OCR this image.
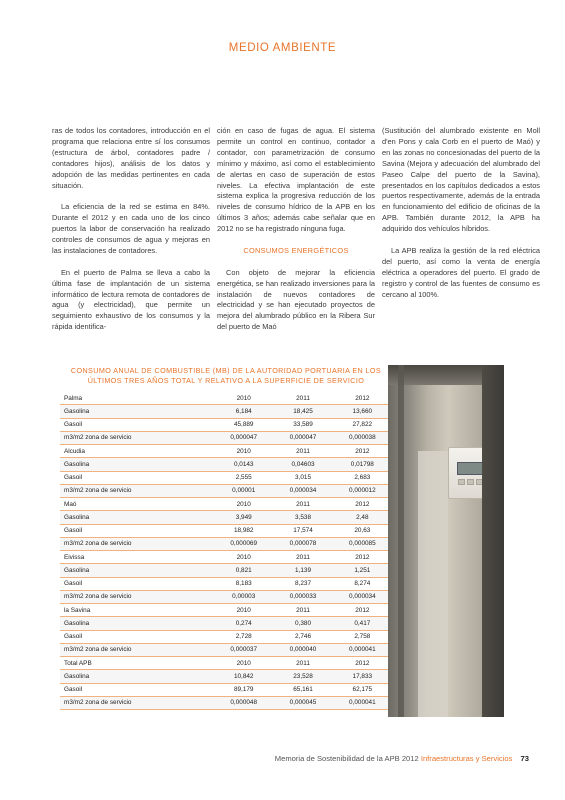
MEDIO AMBIENTE

ras de todos los contadores, introducción en el programa que relaciona entre sí los consumos (estructura de árbol, contadores padre / contadores hijos), análisis de los datos y adopción de las medidas pertinentes en cada situación.

La eficiencia de la red se estima en 84%. Durante el 2012 y en cada uno de los cinco puertos la labor de conservación ha realizado controles de consumos de agua y mejoras en las instalaciones de contadores.

En el puerto de Palma se lleva a cabo la última fase de implantación de un sistema informático de lectura remota de contadores de agua (y electricidad), que permite un seguimiento exhaustivo de los consumos y la rápida identifica-

ción en caso de fugas de agua. El sistema permite un control en continuo, contador a contador, con parametrización de consumo mínimo y máximo, así como el establecimiento de alertas en caso de superación de estos niveles. La efectiva implantación de este sistema explica la progresiva reducción de los niveles de consumo hídrico de la APB en los últimos 3 años; además cabe señalar que en 2012 no se ha registrado ninguna fuga.

CONSUMOS ENERGÉTICOS

Con objeto de mejorar la eficiencia energética, se han realizado inversiones para la instalación de nuevos contadores de electricidad y se han ejecutado proyectos de mejora del alumbrado público en la Ribera Sur del puerto de Maó

(Sustitución del alumbrado existente en Moll d'en Pons y cala Corb en el puerto de Maó) y en las zonas no concesionadas del puerto de la Savina (Mejora y adecuación del alumbrado del Paseo Calpe del puerto de la Savina), presentados en los capítulos dedicados a estos puertos respectivamente, además de la entrada en funcionamiento del edificio de oficinas de la APB. También durante 2012, la APB ha adquirido dos vehículos híbridos.

La APB realiza la gestión de la red eléctrica del puerto, así como la venta de energía eléctrica a operadores del puerto. El grado de registro y control de las fuentes de consumo es cercano al 100%.

CONSUMO ANUAL DE COMBUSTIBLE (MB) DE LA AUTORIDAD PORTUARIA EN LOS ÚLTIMOS TRES AÑOS TOTAL Y RELATIVO A LA SUPERFICIE DE SERVICIO
Palma	2010	2011	2012
Gasolina	6,184	18,425	13,660
Gasoil	45,889	33,589	27,822
m3/m2 zona de servicio	0,000047	0,000047	0,000038
Alcudia	2010	2011	2012
Gasolina	0,0143	0,04603	0,01798
Gasoil	2,555	3,015	2,683
m3/m2 zona de servicio	0,00001	0,000034	0,000012
Maó	2010	2011	2012
Gasolina	3,949	3,538	2,48
Gasoil	18,982	17,574	20,63
m3/m2 zona de servicio	0,000069	0,000078	0,000085
Eivissa	2010	2011	2012
Gasolina	0,821	1,139	1,251
Gasoil	8,183	8,237	8,274
m3/m2 zona de servicio	0,00003	0,000033	0,000034
la Savina	2010	2011	2012
Gasolina	0,274	0,380	0,417
Gasoil	2,728	2,746	2,758
m3/m2 zona de servicio	0,000037	0,000040	0,000041
Total APB	2010	2011	2012
Gasolina	10,842	23,528	17,833
Gasoil	89,179	65,161	62,175
m3/m2 zona de servicio	0,000048	0,000045	0,000041
Memoria de Sostenibilidad de la APB 2012 Infraestructuras y Servicios 73
